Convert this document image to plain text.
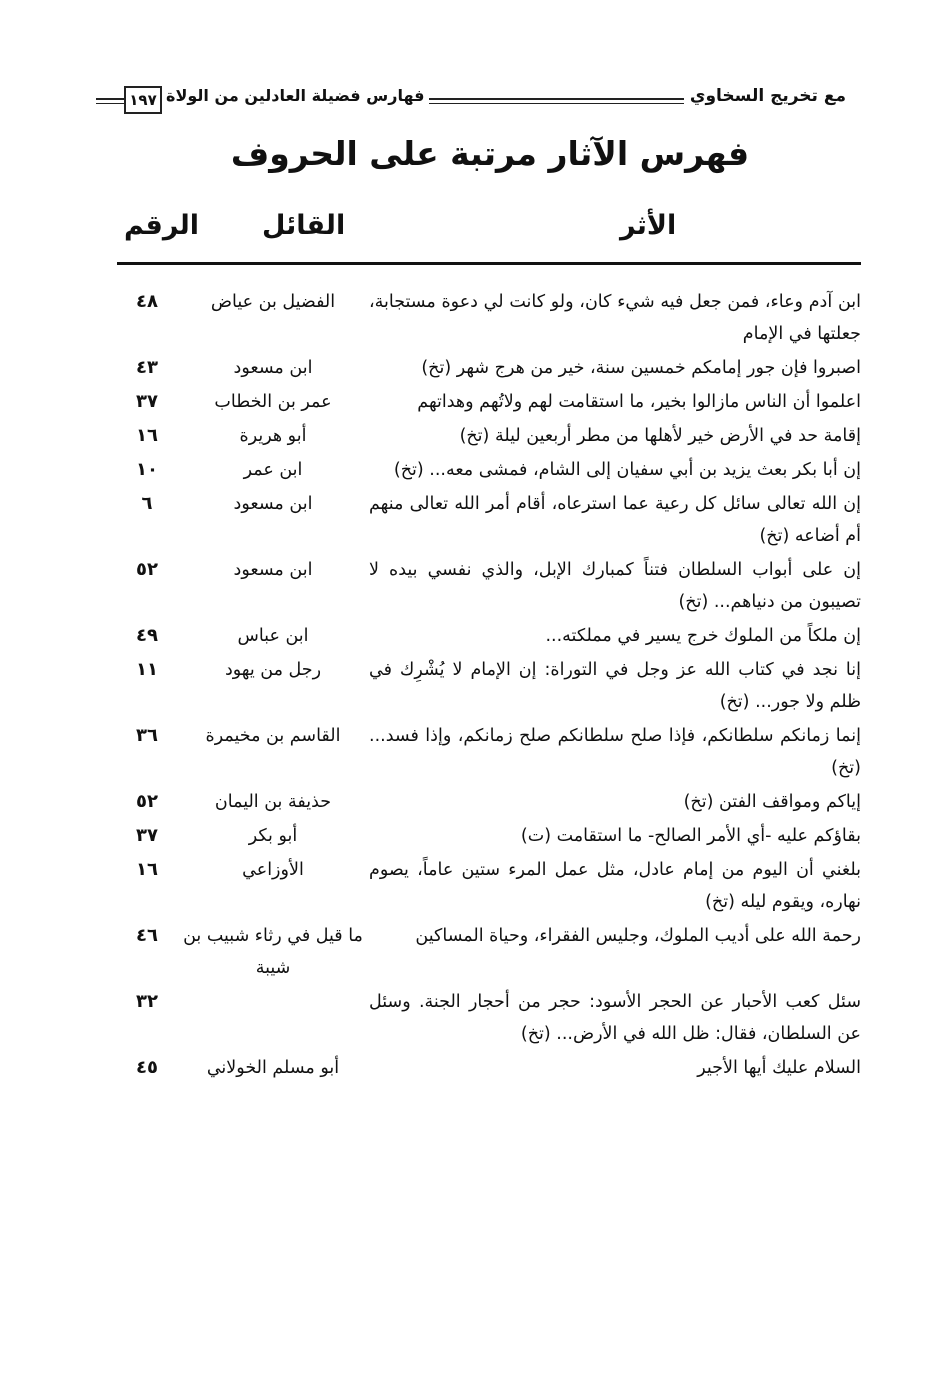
مع تخريج السخاوي
فهارس فضيلة العادلين من الولاة
١٩٧
فهرس الآثار مرتبة على الحروف
الأثر
القائل
الرقم
ابن آدم وعاء، فمن جعل فيه شيء كان، ولو كانت لي دعوة مستجابة، جعلتها في الإمام
الفضيل بن عياض
٤٨
اصبروا فإن جور إمامكم خمسين سنة، خير من هرج شهر (تخ)
ابن مسعود
٤٣
اعلموا أن الناس مازالوا بخير، ما استقامت لهم ولاتُهم وهداتهم
عمر بن الخطاب
٣٧
إقامة حد في الأرض خير لأهلها من مطر أربعين ليلة (تخ)
أبو هريرة
١٦
إن أبا بكر بعث يزيد بن أبي سفيان إلى الشام، فمشى معه... (تخ)
ابن عمر
١٠
إن الله تعالى سائل كل رعية عما استرعاه، أقام أمر الله تعالى منهم أم أضاعه (تخ)
ابن مسعود
٦
إن على أبواب السلطان فتناً كمبارك الإبل، والذي نفسي بيده لا تصيبون من دنياهم... (تخ)
ابن مسعود
٥٢
إن ملكاً من الملوك خرج يسير في مملكته...
ابن عباس
٤٩
إنا نجد في كتاب الله عز وجل في التوراة: إن الإمام لا يُشْرِك في ظلم ولا جور... (تخ)
رجل من يهود
١١
إنما زمانكم سلطانكم، فإذا صلح سلطانكم صلح زمانكم، وإذا فسد... (تخ)
القاسم بن مخيمرة
٣٦
إياكم ومواقف الفتن (تخ)
حذيفة بن اليمان
٥٢
بقاؤكم عليه -أي الأمر الصالح- ما استقامت (ت)
أبو بكر
٣٧
بلغني أن اليوم من إمام عادل، مثل عمل المرء ستين عاماً، يصوم نهاره، ويقوم ليله (تخ)
الأوزاعي
١٦
رحمة الله على أديب الملوك، وجليس الفقراء، وحياة المساكين
ما قيل في رثاء شبيب بن شيبة
٤٦
سئل كعب الأحبار عن الحجر الأسود: حجر من أحجار الجنة. وسئل عن السلطان، فقال: ظل الله في الأرض... (تخ)
٣٢
السلام عليك أيها الأجير
أبو مسلم الخولاني
٤٥
